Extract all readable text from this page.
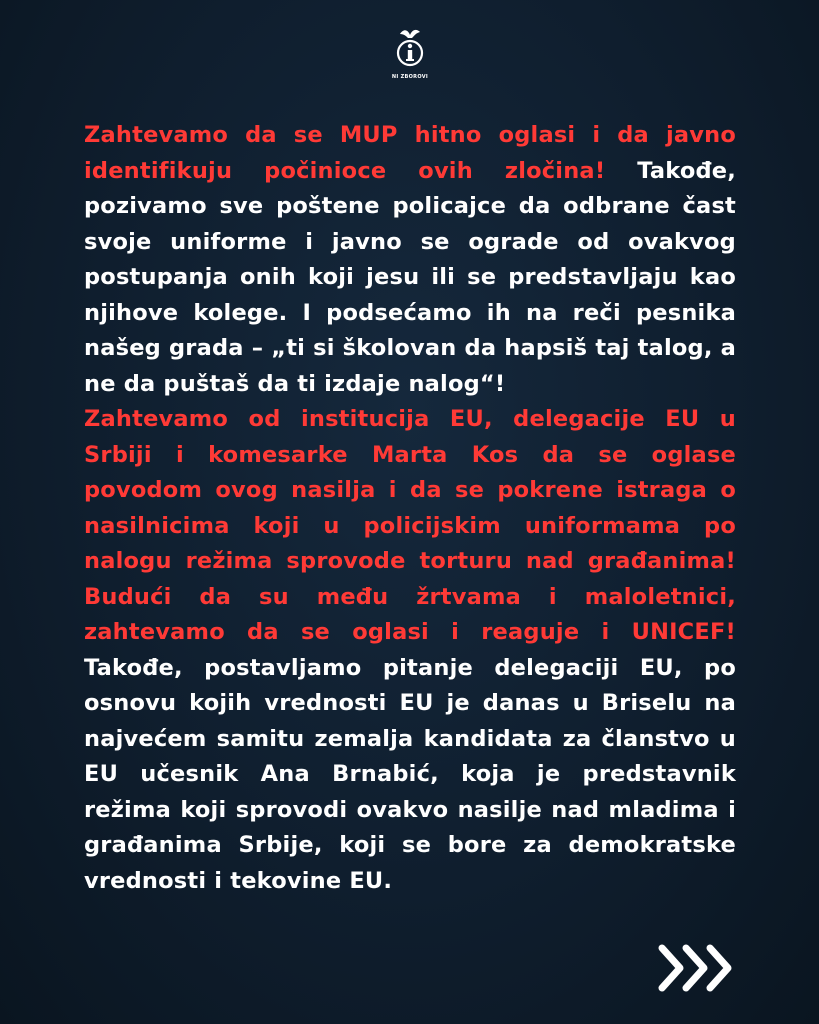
NI ZBOROVI

Zahtevamo da se MUP hitno oglasi i da javno identifikuju počinioce ovih zločina! Takođe, pozivamo sve poštene policajce da odbrane čast svoje uniforme i javno se ograde od ovakvog postupanja onih koji jesu ili se predstavljaju kao njihove kolege. I podsećamo ih na reči pesnika našeg grada – „ti si školovan da hapsiš taj talog, a ne da puštaš da ti izdaje nalog“!

Zahtevamo od institucija EU, delegacije EU u Srbiji i komesarke Marta Kos da se oglase povodom ovog nasilja i da se pokrene istraga o nasilnicima koji u policijskim uniformama po nalogu režima sprovode torturu nad građanima! Budući da su među žrtvama i maloletnici, zahtevamo da se oglasi i reaguje i UNICEF! Takođe, postavljamo pitanje delegaciji EU, po osnovu kojih vrednosti EU je danas u Briselu na najvećem samitu zemalja kandidata za članstvo u EU učesnik Ana Brnabić, koja je predstavnik režima koji sprovodi ovakvo nasilje nad mladima i građanima Srbije, koji se bore za demokratske vrednosti i tekovine EU.
